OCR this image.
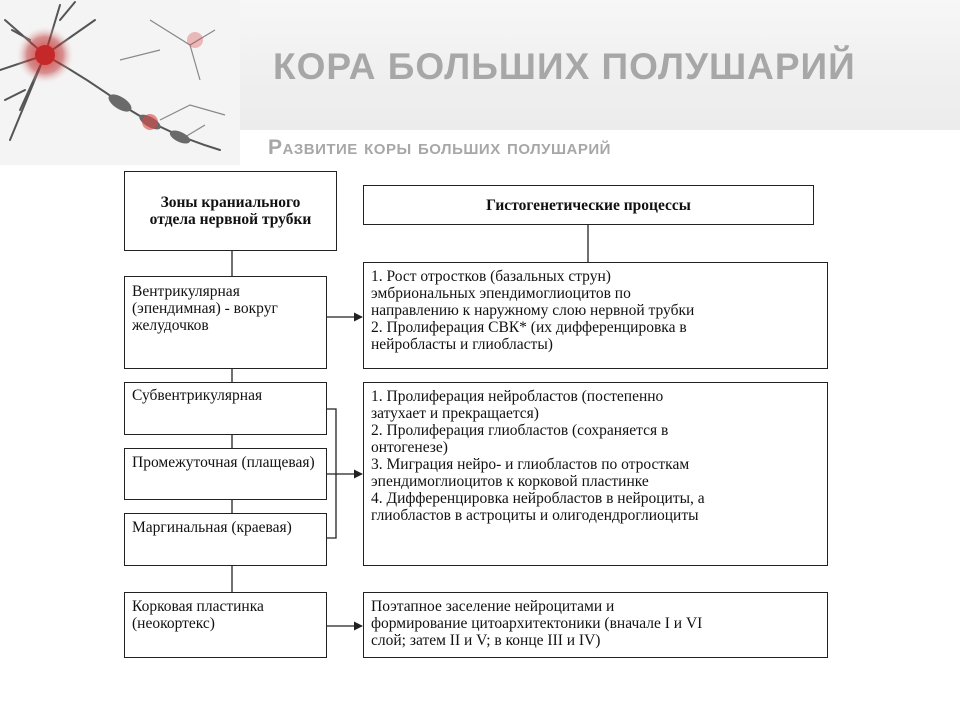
КОРА БОЛЬШИХ ПОЛУШАРИЙ
Развитие коры больших полушарий
Зоны краниального отдела нервной трубки
Гистогенетические процессы
Вентрикулярная (эпендимная) - вокруг желудочков
Субвентрикулярная
Промежуточная (плащевая)
Маргинальная (краевая)
Корковая пластинка (неокортекс)
1. Рост отростков (базальных струн)
эмбриональных эпендимоглиоцитов по
направлению к наружному слою нервной трубки
2. Пролиферация СВК* (их дифференцировка в
нейробласты и глиобласты)
1. Пролиферация нейробластов (постепенно
затухает и прекращается)
2. Пролиферация глиобластов (сохраняется в
онтогенезе)
3. Миграция нейро- и глиобластов по отросткам
эпендимоглиоцитов к корковой пластинке
4. Дифференцировка нейробластов в нейроциты, а
глиобластов в астроциты и олигодендроглиоциты
Поэтапное заселение нейроцитами и
формирование цитоархитектоники (вначале I и VI
слой; затем II и V; в конце III и IV)
